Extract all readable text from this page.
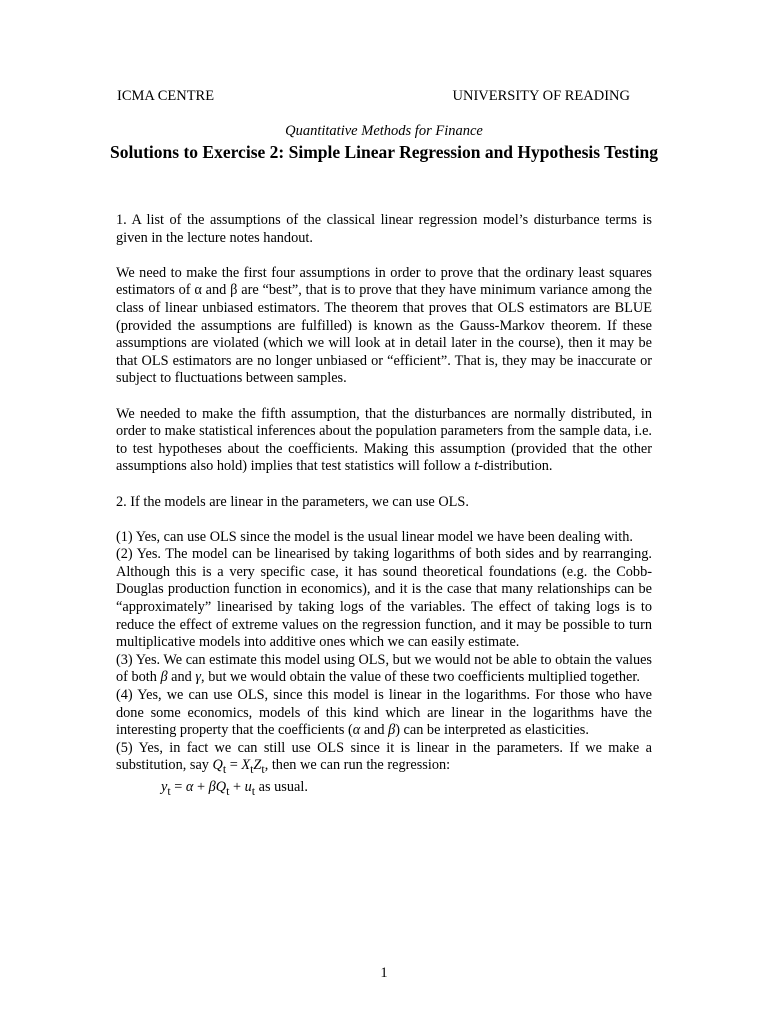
ICMA CENTRE	UNIVERSITY OF READING
Quantitative Methods for Finance
Solutions to Exercise 2: Simple Linear Regression and Hypothesis Testing

1. A list of the assumptions of the classical linear regression model’s disturbance terms is given in the lecture notes handout.

We need to make the first four assumptions in order to prove that the ordinary least squares estimators of α and β are “best”, that is to prove that they have minimum variance among the class of linear unbiased estimators. The theorem that proves that OLS estimators are BLUE (provided the assumptions are fulfilled) is known as the Gauss-Markov theorem. If these assumptions are violated (which we will look at in detail later in the course), then it may be that OLS estimators are no longer unbiased or “efficient”. That is, they may be inaccurate or subject to fluctuations between samples.

We needed to make the fifth assumption, that the disturbances are normally distributed, in order to make statistical inferences about the population parameters from the sample data, i.e. to test hypotheses about the coefficients. Making this assumption (provided that the other assumptions also hold) implies that test statistics will follow a t-distribution.

2. If the models are linear in the parameters, we can use OLS.

(1) Yes, can use OLS since the model is the usual linear model we have been dealing with.

(2) Yes. The model can be linearised by taking logarithms of both sides and by rearranging. Although this is a very specific case, it has sound theoretical foundations (e.g. the Cobb-Douglas production function in economics), and it is the case that many relationships can be “approximately” linearised by taking logs of the variables. The effect of taking logs is to reduce the effect of extreme values on the regression function, and it may be possible to turn multiplicative models into additive ones which we can easily estimate.

(3) Yes. We can estimate this model using OLS, but we would not be able to obtain the values of both β and γ, but we would obtain the value of these two coefficients multiplied together.

(4) Yes, we can use OLS, since this model is linear in the logarithms. For those who have done some economics, models of this kind which are linear in the logarithms have the interesting property that the coefficients (α and β) can be interpreted as elasticities.

(5) Yes, in fact we can still use OLS since it is linear in the parameters. If we make a substitution, say $Q_t = X_tZ_t$, then we can run the regression:

$y_t = \alpha + \beta Q_t + u_t$ as usual.

1
